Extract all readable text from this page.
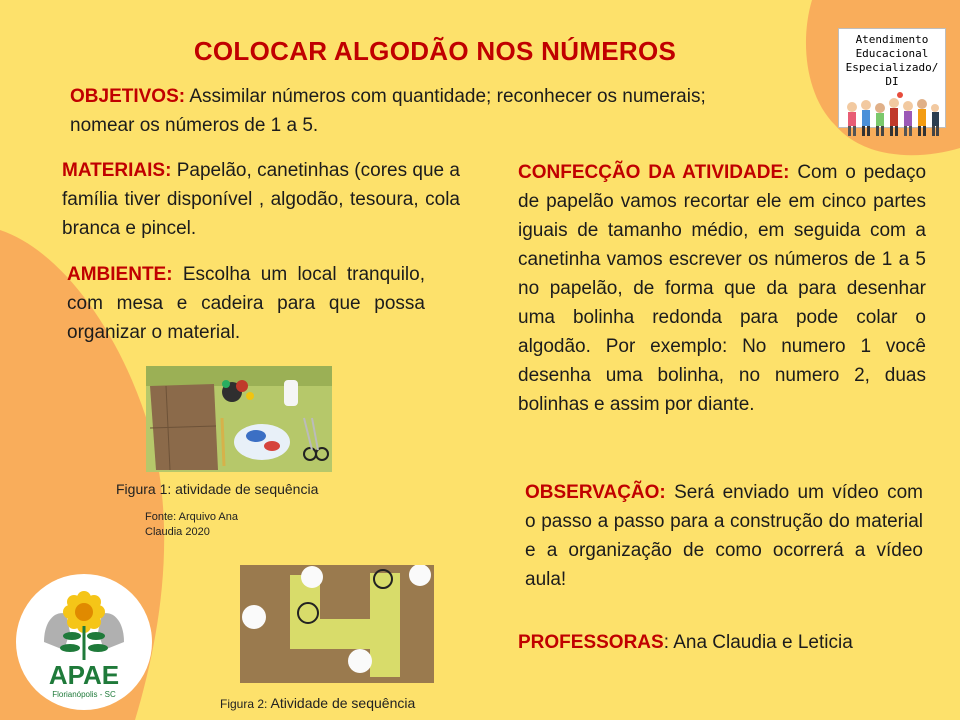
COLOCAR ALGODÃO NOS NÚMEROS	Atendimento
Educacional
Especializado/ DI
OBJETIVOS: Assimilar números com quantidade; reconhecer os numerais;
nomear os números de 1 a 5.
MATERIAIS: Papelão, canetinhas (cores que a família tiver disponível , algodão, tesoura, cola branca e pincel.
AMBIENTE: Escolha um local tranquilo, com mesa e cadeira para que possa organizar o material.
CONFECÇÃO DA ATIVIDADE: Com o pedaço de papelão vamos recortar ele em cinco partes iguais de tamanho médio, em seguida com a canetinha vamos escrever os números de 1 a 5 no papelão, de forma que da para desenhar uma bolinha redonda para pode colar o algodão. Por exemplo: No numero 1 você desenha uma bolinha, no numero 2, duas bolinhas e assim por diante.
OBSERVAÇÃO: Será enviado um vídeo com o passo a passo para a construção do material e a organização de como ocorrerá a vídeo aula!
PROFESSORAS: Ana Claudia e Leticia
Figura 1: atividade de sequência
Fonte: Arquivo Ana
Claudia 2020
Figura 2: Atividade de sequência
APAE
Florianópolis - SC
